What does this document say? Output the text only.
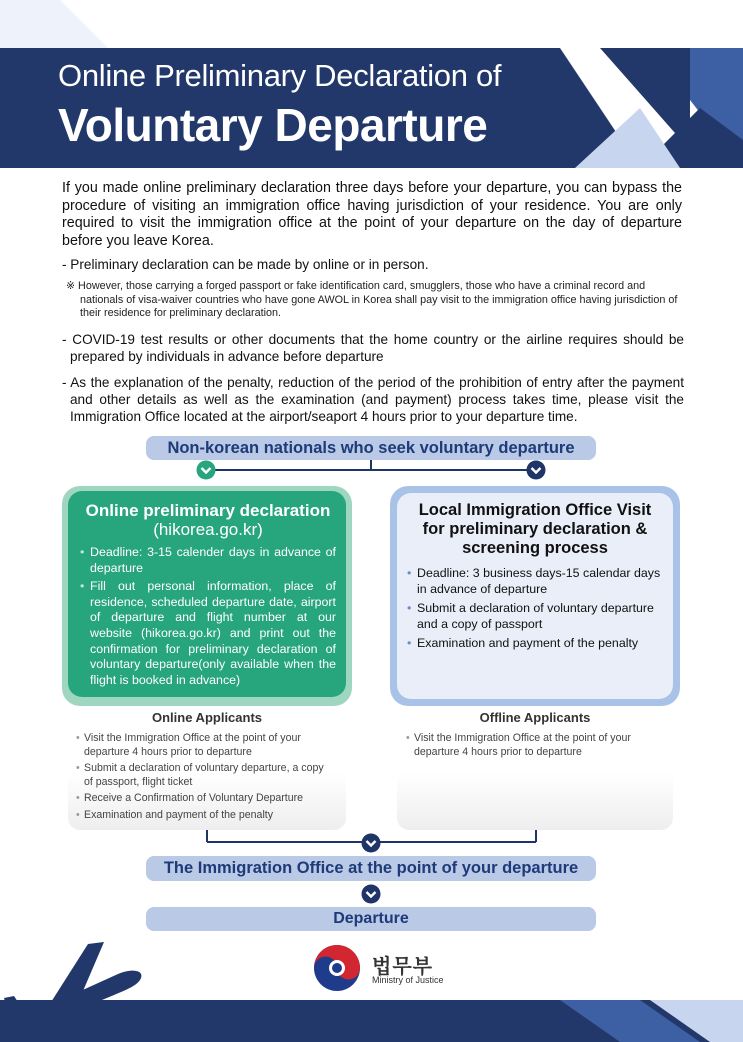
Online Preliminary Declaration of
Voluntary Departure

If you made online preliminary declaration three days before your departure, you can bypass the procedure of visiting an immigration office having jurisdiction of your residence. You are only required to visit the immigration office at the point of your departure on the day of departure before you leave Korea.

- Preliminary declaration can be made by online or in person.

※ However, those carrying a forged passport or fake identification card, smugglers, those who have a criminal record and nationals of visa-waiver countries who have gone AWOL in Korea shall pay visit to the immigration office having jurisdiction of their residence for preliminary declaration.

- COVID-19 test results or other documents that the home country or the airline requires should be prepared by individuals in advance before departure

- As the explanation of the penalty, reduction of the period of the prohibition of entry after the payment and other details as well as the examination (and payment) process takes time, please visit the Immigration Office located at the airport/seaport 4 hours prior to your departure time.

Non-korean nationals who seek voluntary departure
Online preliminary declaration (hikorea.go.kr)
• Deadline: 3-15 calender days in advance of departure
• Fill out personal information, place of residence, scheduled departure date, airport of departure and flight number at our website (hikorea.go.kr) and print out the confirmation for preliminary declaration of voluntary departure(only available when the flight is booked in advance)
Local Immigration Office Visit for preliminary declaration & screening process
• Deadline: 3 business days-15 calendar days in advance of departure
• Submit a declaration of voluntary departure and a copy of passport
• Examination and payment of the penalty
Online Applicants
• Visit the Immigration Office at the point of your departure 4 hours prior to departure
• Submit a declaration of voluntary departure, a copy of passport, flight ticket
• Receive a Confirmation of Voluntary Departure
• Examination and payment of the penalty
Offline Applicants
• Visit the Immigration Office at the point of your departure 4 hours prior to departure
The Immigration Office at the point of your departure
Departure
법무부
Ministry of Justice
